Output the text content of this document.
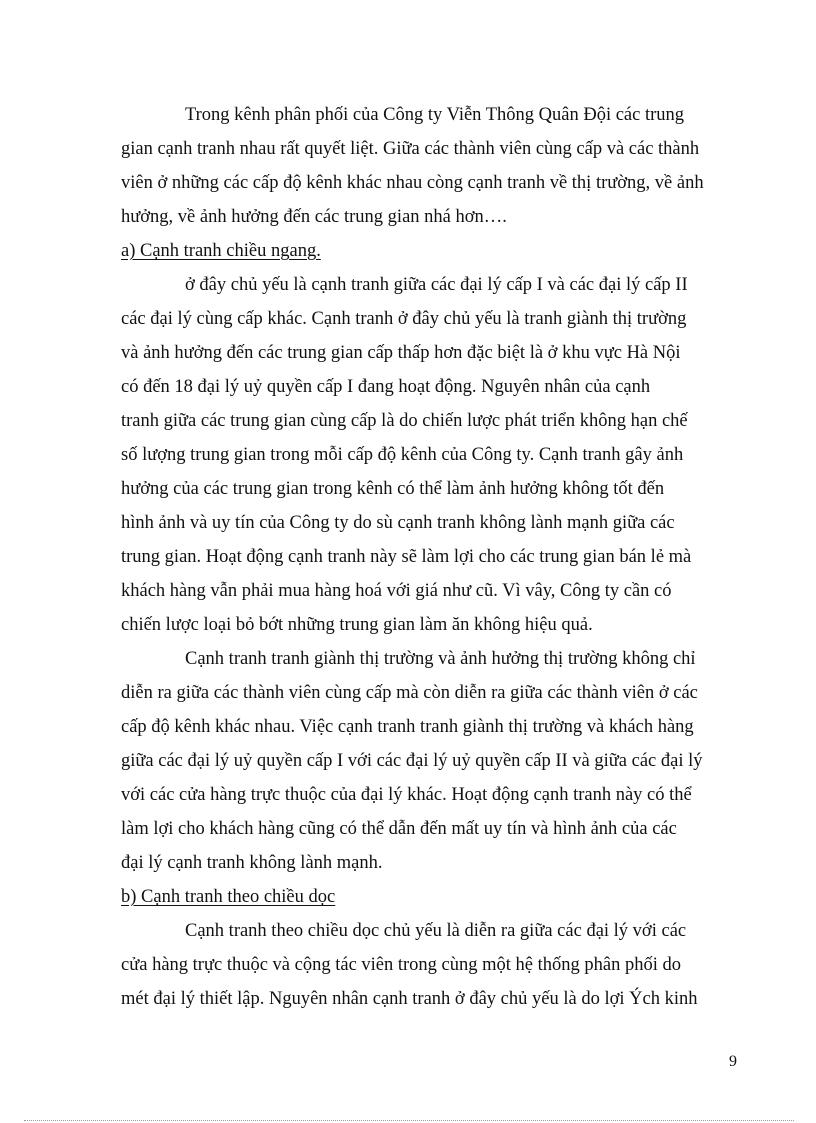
Trong kênh phân phối của Công ty Viễn Thông Quân Đội các trung
gian cạnh tranh nhau rất quyết liệt. Giữa các thành viên cùng cấp và các thành
viên ở những các cấp độ kênh khác nhau còng cạnh tranh về thị trường, về ảnh
hưởng, về ảnh hưởng đến các trung gian nhá hơn….
a) Cạnh tranh chiều ngang.
ở đây chủ yếu là cạnh tranh giữa các đại lý cấp I và các đại lý cấp II
các đại lý cùng cấp khác. Cạnh tranh ở đây chủ yếu là tranh giành thị trường
và ảnh hưởng đến các trung gian cấp thấp hơn đặc biệt là ở khu vực Hà Nội
có đến 18 đại lý uỷ quyền cấp I đang hoạt động. Nguyên nhân của cạnh
tranh giữa các trung gian cùng cấp là do chiến lược phát triển không hạn chế
số lượng trung gian trong mỗi cấp độ kênh của Công ty. Cạnh tranh gây ảnh
hưởng của các trung gian trong kênh có thể làm ảnh hưởng không tốt đến
hình ảnh và uy tín của Công ty do sù cạnh tranh không lành mạnh giữa các
trung gian. Hoạt động cạnh tranh này sẽ làm lợi cho các trung gian bán lẻ mà
khách hàng vẫn phải mua hàng hoá với giá như cũ. Vì vây, Công ty cần có
chiến lược loại bỏ bớt những trung gian làm ăn không hiệu quả.
Cạnh tranh tranh giành thị trường và ảnh hưởng thị trường không chỉ
diễn ra giữa các thành viên cùng cấp mà còn diễn ra giữa các thành viên ở các
cấp độ kênh khác nhau. Việc cạnh tranh tranh giành thị trường và khách hàng
giữa các đại lý uỷ quyền cấp I với các đại lý uỷ quyền cấp II và giữa các đại lý
với các cửa hàng trực thuộc của đại lý khác. Hoạt động cạnh tranh này có thể
làm lợi cho khách hàng cũng có thể dẫn đến mất uy tín và hình ảnh của các
đại lý cạnh tranh không lành mạnh.
b) Cạnh tranh theo chiều dọc
Cạnh tranh theo chiều dọc chủ yếu là diễn ra giữa các đại lý với các
cửa hàng trực thuộc và cộng tác viên trong cùng một hệ thống phân phối do
mét đại lý thiết lập. Nguyên nhân cạnh tranh ở đây chủ yếu là do lợi Ých kinh
9
